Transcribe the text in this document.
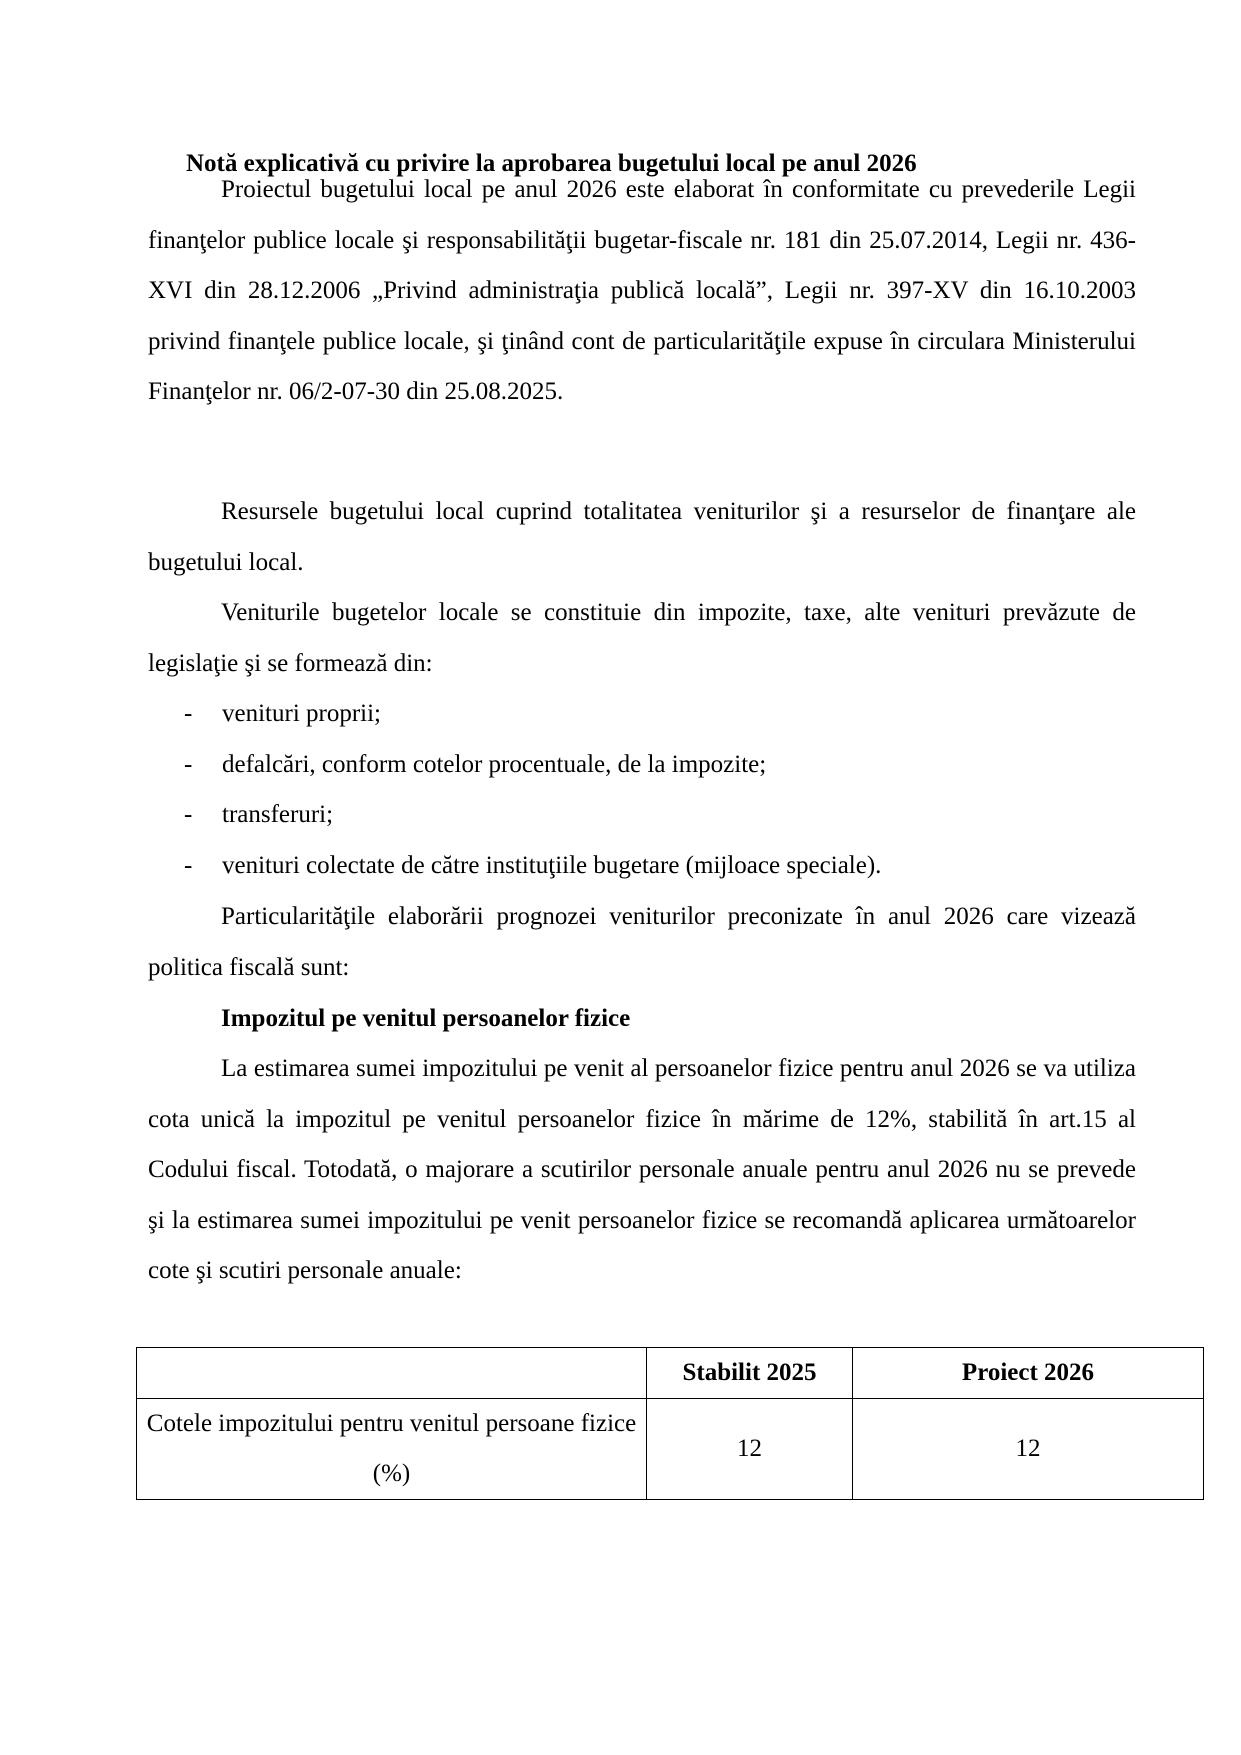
Notă explicativă cu privire la aprobarea bugetului local pe anul 2026

Proiectul bugetului local pe anul 2026 este elaborat în conformitate cu prevederile Legii finanţelor publice locale şi responsabilităţii bugetar-fiscale nr. 181 din 25.07.2014, Legii nr. 436-XVI din 28.12.2006 „Privind administraţia publică locală”, Legii nr. 397-XV din 16.10.2003 privind finanţele publice locale, şi ţinând cont de particularităţile expuse în circulara Ministerului Finanţelor nr. 06/2-07-30 din 25.08.2025.

Resursele bugetului local cuprind totalitatea veniturilor şi a resurselor de finanţare ale bugetului local.

Veniturile bugetelor locale se constituie din impozite, taxe, alte venituri prevăzute de legislaţie şi se formează din:

- venituri proprii;
- defalcări, conform cotelor procentuale, de la impozite;
- transferuri;
- venituri colectate de către instituţiile bugetare (mijloace speciale).

Particularităţile elaborării prognozei veniturilor preconizate în anul 2026 care vizează politica fiscală sunt:

Impozitul pe venitul persoanelor fizice

La estimarea sumei impozitului pe venit al persoanelor fizice pentru anul 2026 se va utiliza cota unică la impozitul pe venitul persoanelor fizice în mărime de 12%, stabilită în art.15 al Codului fiscal. Totodată, o majorare a scutirilor personale anuale pentru anul 2026 nu se prevede şi la estimarea sumei impozitului pe venit persoanelor fizice se recomandă aplicarea următoarelor cote şi scutiri personale anuale:

	Stabilit 2025	Proiect 2026

Cotele impozitului pentru venitul persoane fizice (%)	12	12
